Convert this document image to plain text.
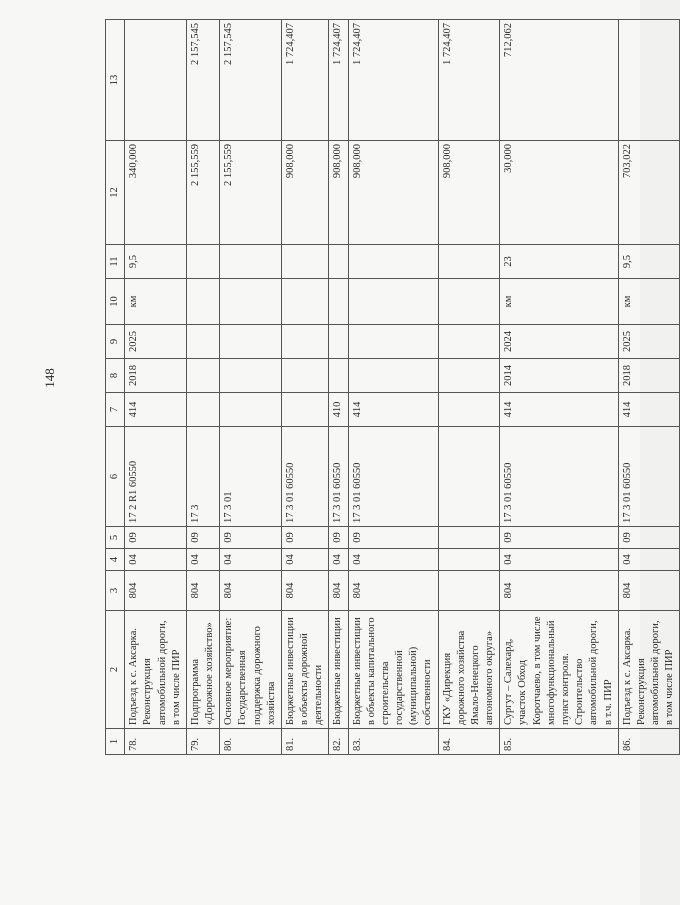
148
1	2	3	4	5	6	7	8	9	10	11	12	13
78.	Подъезд к с. Аксарка. Реконструкция автомобильной дороги, в том числе ПИР	804	04	09	17 2 R1 60550	414	2018	2025	км	9,5	340,000	
79.	Подпрограмма «Дорожное хозяйство»	804	04	09	17 3						2 155,559	2 157,545
80.	Основное мероприятие: Государственная поддержка дорожного хозяйства	804	04	09	17 3 01						2 155,559	2 157,545
81.	Бюджетные инвестиции в объекты дорожной деятельности	804	04	09	17 3 01 60550						908,000	1 724,407
82.	Бюджетные инвестиции	804	04	09	17 3 01 60550	410					908,000	1 724,407
83.	Бюджетные инвестиции в объекты капитального строительства государственной (муниципальной) собственности	804	04	09	17 3 01 60550	414					908,000	1 724,407
84.	ГКУ «Дирекция дорожного хозяйства Ямало-Ненецкого автономного округа»										908,000	1 724,407
85.	Сургут – Салехард, участок Обход Коротчаево, в том числе многофункциональный пункт контроля. Строительство автомобильной дороги, в т.ч. ПИР	804	04	09	17 3 01 60550	414	2014	2024	км	23	30,000	712,062
86.	Подъезд к с. Аксарка. Реконструкция автомобильной дороги, в том числе ПИР	804	04	09	17 3 01 60550	414	2018	2025	км	9,5	703,022	
